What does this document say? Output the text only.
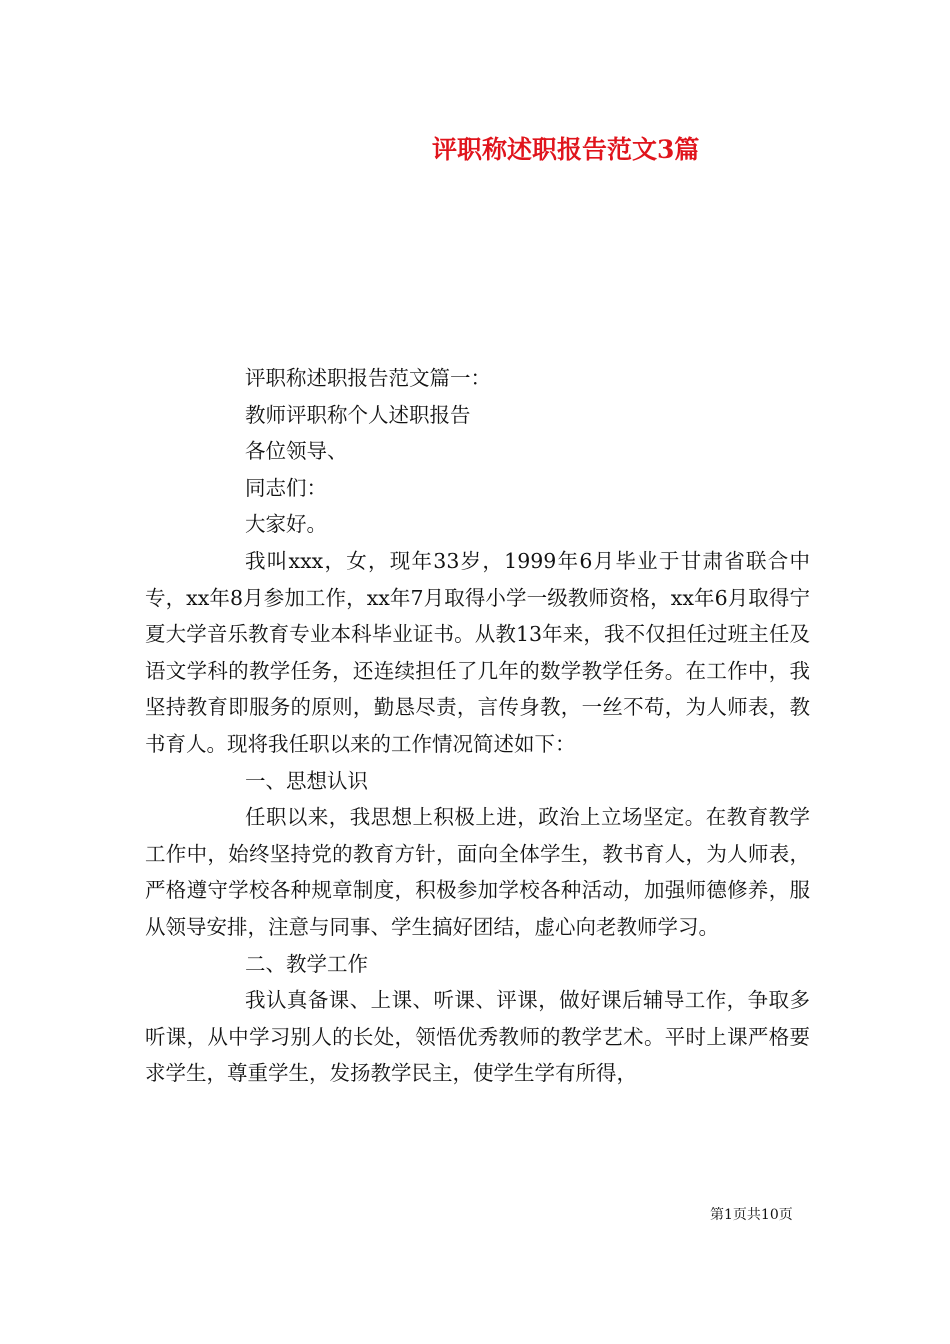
评职称述职报告范文3篇

评职称述职报告范文篇一：

教师评职称个人述职报告

各位领导、

同志们：

大家好。

我叫xxx，女，现年33岁，1999年6月毕业于甘肃省联合中专，xx年8月参加工作，xx年7月取得小学一级教师资格，xx年6月取得宁夏大学音乐教育专业本科毕业证书。从教13年来，我不仅担任过班主任及语文学科的教学任务，还连续担任了几年的数学教学任务。在工作中，我坚持教育即服务的原则，勤恳尽责，言传身教，一丝不苟，为人师表，教书育人。现将我任职以来的工作情况简述如下：

一、思想认识

任职以来，我思想上积极上进，政治上立场坚定。在教育教学工作中，始终坚持党的教育方针，面向全体学生，教书育人，为人师表，严格遵守学校各种规章制度，积极参加学校各种活动，加强师德修养，服从领导安排，注意与同事、学生搞好团结，虚心向老教师学习。

二、教学工作

我认真备课、上课、听课、评课，做好课后辅导工作，争取多听课，从中学习别人的长处，领悟优秀教师的教学艺术。平时上课严格要求学生，尊重学生，发扬教学民主，使学生学有所得，

第1页共10页
